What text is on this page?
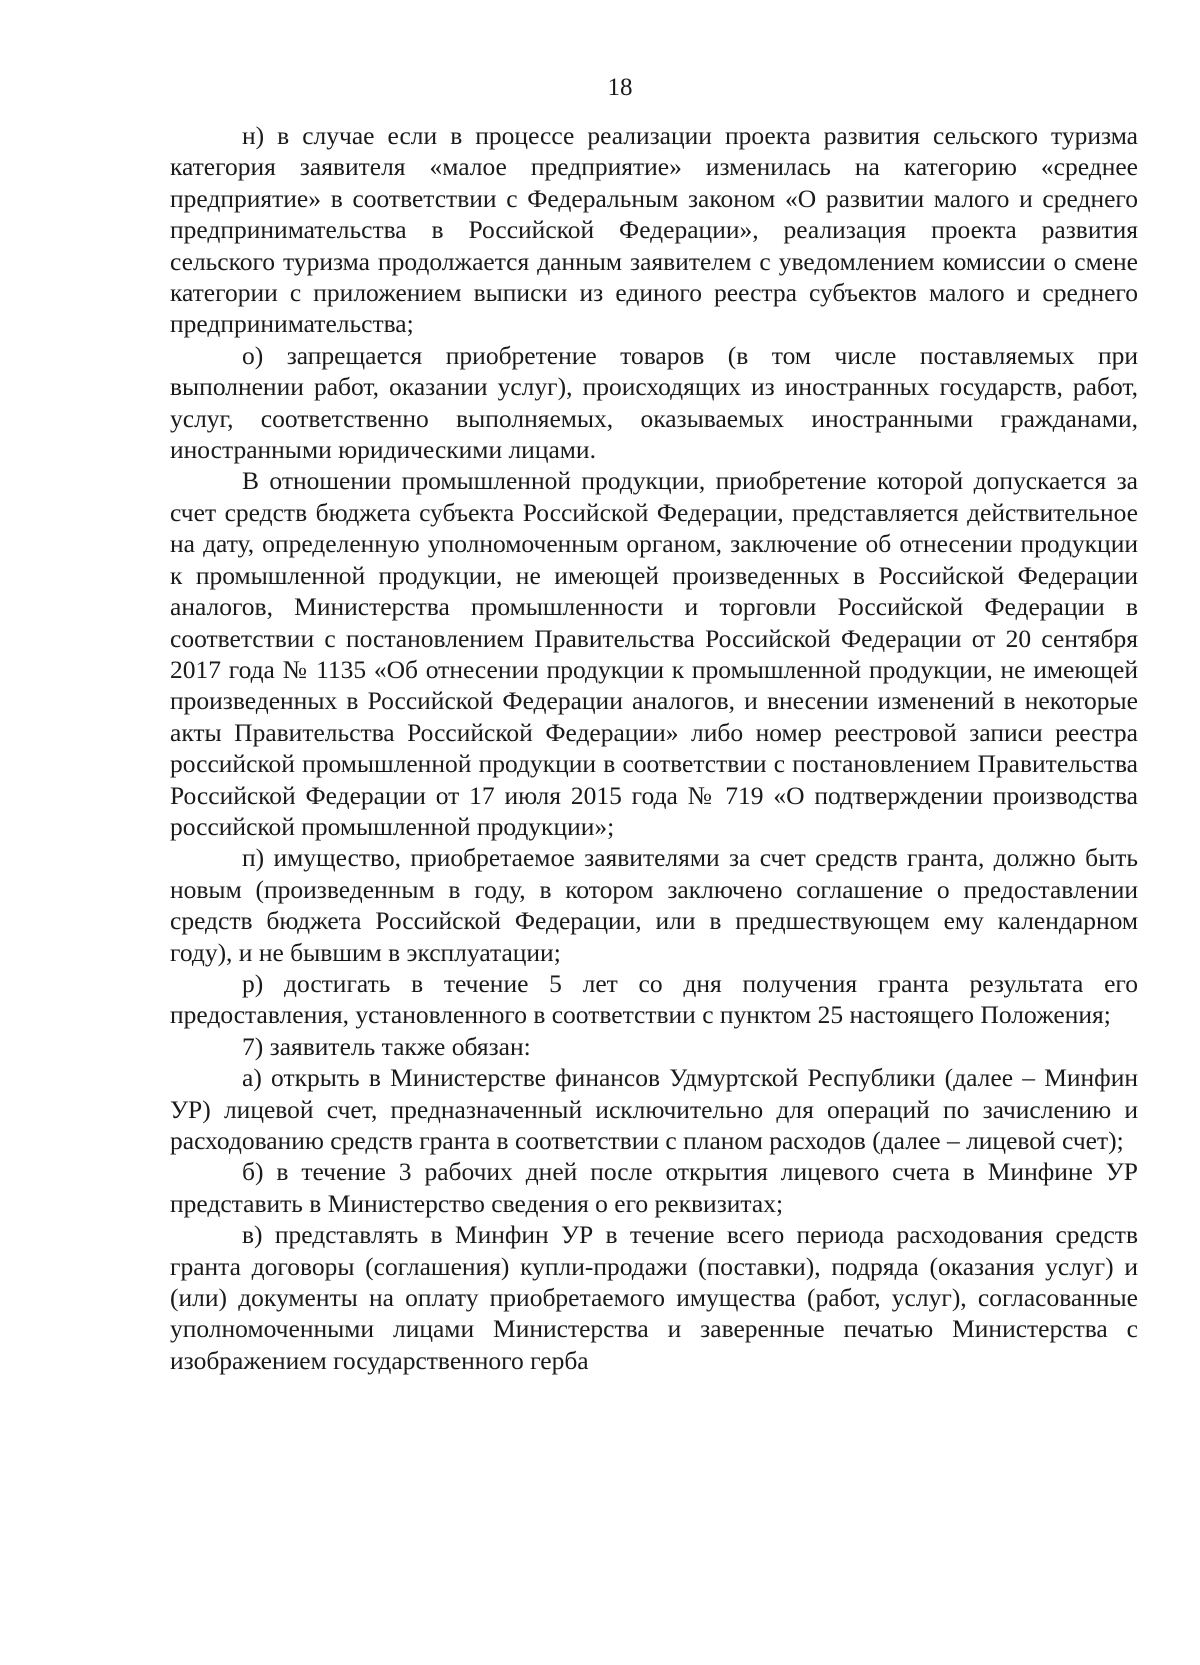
18

н) в случае если в процессе реализации проекта развития сельского туризма категория заявителя «малое предприятие» изменилась на категорию «среднее предприятие» в соответствии с Федеральным законом «О развитии малого и среднего предпринимательства в Российской Федерации», реализация проекта развития сельского туризма продолжается данным заявителем с уведомлением комиссии о смене категории с приложением выписки из единого реестра субъектов малого и среднего предпринимательства;

о) запрещается приобретение товаров (в том числе поставляемых при выполнении работ, оказании услуг), происходящих из иностранных государств, работ, услуг, соответственно выполняемых, оказываемых иностранными гражданами, иностранными юридическими лицами.

В отношении промышленной продукции, приобретение которой допускается за счет средств бюджета субъекта Российской Федерации, представляется действительное на дату, определенную уполномоченным органом, заключение об отнесении продукции к промышленной продукции, не имеющей произведенных в Российской Федерации аналогов, Министерства промышленности и торговли Российской Федерации в соответствии с постановлением Правительства Российской Федерации от 20 сентября 2017 года № 1135 «Об отнесении продукции к промышленной продукции, не имеющей произведенных в Российской Федерации аналогов, и внесении изменений в некоторые акты Правительства Российской Федерации» либо номер реестровой записи реестра российской промышленной продукции в соответствии с постановлением Правительства Российской Федерации от 17 июля 2015 года № 719 «О подтверждении производства российской промышленной продукции»;

п) имущество, приобретаемое заявителями за счет средств гранта, должно быть новым (произведенным в году, в котором заключено соглашение о предоставлении средств бюджета Российской Федерации, или в предшествующем ему календарном году), и не бывшим в эксплуатации;

р) достигать в течение 5 лет со дня получения гранта результата его предоставления, установленного в соответствии с пунктом 25 настоящего Положения;

7) заявитель также обязан:

а) открыть в Министерстве финансов Удмуртской Республики (далее – Минфин УР) лицевой счет, предназначенный исключительно для операций по зачислению и расходованию средств гранта в соответствии с планом расходов (далее – лицевой счет);

б) в течение 3 рабочих дней после открытия лицевого счета в Минфине УР представить в Министерство сведения о его реквизитах;

в) представлять в Минфин УР в течение всего периода расходования средств гранта договоры (соглашения) купли-продажи (поставки), подряда (оказания услуг) и (или) документы на оплату приобретаемого имущества (работ, услуг), согласованные уполномоченными лицами Министерства и заверенные печатью Министерства с изображением государственного герба
